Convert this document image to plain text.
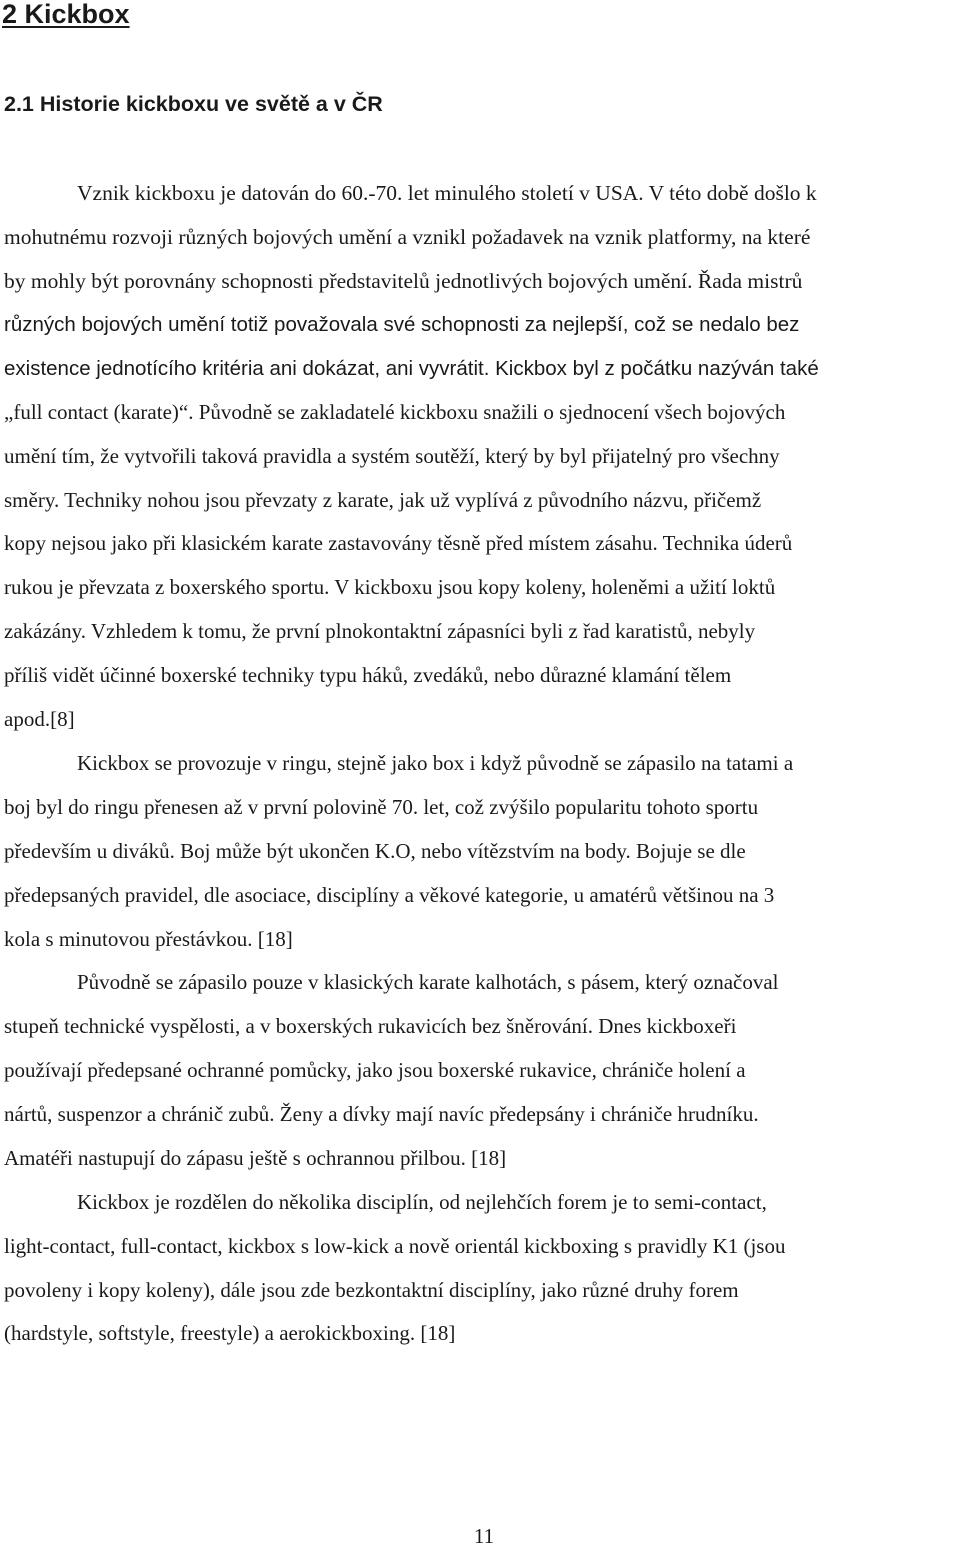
2 Kickbox
2.1 Historie kickboxu ve světě a v ČR

Vznik kickboxu je datován do 60.-70. let minulého století v USA. V této době došlo k

mohutnému rozvoji různých bojových umění a vznikl požadavek na vznik platformy, na které

by mohly být porovnány schopnosti představitelů jednotlivých bojových umění. Řada mistrů

různých bojových umění totiž považovala své schopnosti za nejlepší, což se nedalo bez

existence jednotícího kritéria ani dokázat, ani vyvrátit. Kickbox byl z počátku nazýván také

„full contact (karate)“. Původně se zakladatelé kickboxu snažili o sjednocení všech bojových

umění tím, že vytvořili taková pravidla a systém soutěží, který by byl přijatelný pro všechny

směry. Techniky nohou jsou převzaty z karate, jak už vyplívá z původního názvu, přičemž

kopy nejsou jako při klasickém karate zastavovány těsně před místem zásahu. Technika úderů

rukou je převzata z boxerského sportu. V kickboxu jsou kopy koleny, holeněmi a užití loktů

zakázány. Vzhledem k tomu, že první plnokontaktní zápasníci byli z řad karatistů, nebyly

příliš vidět účinné boxerské techniky typu háků, zvedáků, nebo důrazné klamání tělem

apod.[8]

Kickbox se provozuje v ringu, stejně jako box i když původně se zápasilo na tatami a

boj byl do ringu přenesen až v první polovině 70. let, což zvýšilo popularitu tohoto sportu

především u diváků. Boj může být ukončen K.O, nebo vítězstvím na body. Bojuje se dle

předepsaných pravidel, dle asociace, disciplíny a věkové kategorie, u amatérů většinou na 3

kola s minutovou přestávkou. [18]

Původně se zápasilo pouze v klasických karate kalhotách, s pásem, který označoval

stupeň technické vyspělosti, a v boxerských rukavicích bez šněrování. Dnes kickboxeři

používají předepsané ochranné pomůcky, jako jsou boxerské rukavice, chrániče holení a

nártů, suspenzor a chránič zubů. Ženy a dívky mají navíc předepsány i chrániče hrudníku.

Amatéři nastupují do zápasu ještě s ochrannou přilbou. [18]

Kickbox je rozdělen do několika disciplín, od nejlehčích forem je to semi-contact,

light-contact, full-contact, kickbox s low-kick a nově orientál kickboxing s pravidly K1 (jsou

povoleny i kopy koleny), dále jsou zde bezkontaktní disciplíny, jako různé druhy forem

(hardstyle, softstyle, freestyle) a aerokickboxing. [18]

11
